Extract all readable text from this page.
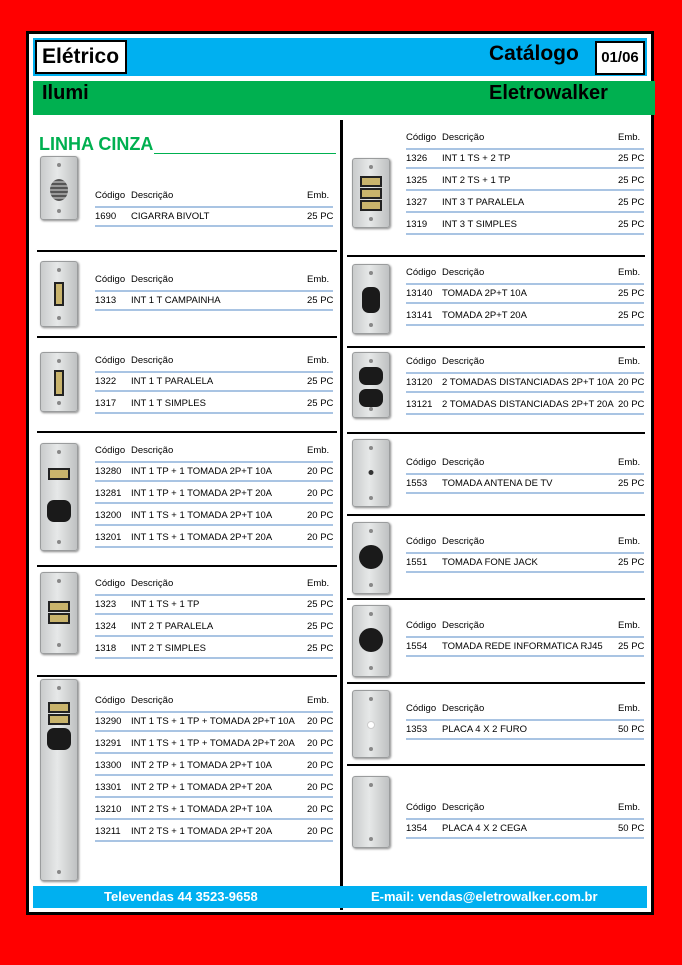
Elétrico	Catálogo	01/06
Ilumi	Eletrowalker
LINHA CINZA
Código Descrição	Emb.
1690 CIGARRA BIVOLT	25 PC
Código Descrição	Emb.
1313 INT 1 T CAMPAINHA	25 PC
Código Descrição	Emb.
1322 INT 1 T PARALELA	25 PC
1317 INT 1 T SIMPLES	25 PC
Código Descrição	Emb.
13280 INT 1 TP + 1 TOMADA 2P+T 10A	20 PC
13281 INT 1 TP + 1 TOMADA 2P+T 20A	20 PC
13200 INT 1 TS + 1 TOMADA 2P+T 10A	20 PC
13201 INT 1 TS + 1 TOMADA 2P+T 20A	20 PC
Código Descrição	Emb.
1323 INT 1 TS + 1 TP	25 PC
1324 INT 2 T PARALELA	25 PC
1318 INT 2 T SIMPLES	25 PC
Código Descrição	Emb.
13290 INT 1 TS + 1 TP + TOMADA 2P+T 10A 20 PC
13291 INT 1 TS + 1 TP + TOMADA 2P+T 20A 20 PC
13300 INT 2 TP + 1 TOMADA 2P+T 10A	20 PC
13301 INT 2 TP + 1 TOMADA 2P+T 20A	20 PC
13210 INT 2 TS + 1 TOMADA 2P+T 10A	20 PC
13211 INT 2 TS + 1 TOMADA 2P+T 20A	20 PC
Código Descrição	Emb.
1326 INT 1 TS + 2 TP	25 PC
1325 INT 2 TS + 1 TP	25 PC
1327 INT 3 T PARALELA	25 PC
1319 INT 3 T SIMPLES	25 PC
Código Descrição	Emb.
13140 TOMADA 2P+T 10A	25 PC
13141 TOMADA 2P+T 20A	25 PC
Código Descrição	Emb.
13120 2 TOMADAS DISTANCIADAS 2P+T 10A 20 PC
13121 2 TOMADAS DISTANCIADAS 2P+T 20A 20 PC
Código Descrição	Emb.
1553 TOMADA ANTENA DE TV	25 PC
Código Descrição	Emb.
1551 TOMADA FONE JACK	25 PC
Código Descrição	Emb.
1554 TOMADA REDE INFORMATICA RJ45 25 PC
Código Descrição	Emb.
1353 PLACA 4 X 2 FURO	50 PC
Código Descrição	Emb.
1354 PLACA 4 X 2 CEGA	50 PC
Televendas 44 3523-9658	E-mail: vendas@eletrowalker.com.br
